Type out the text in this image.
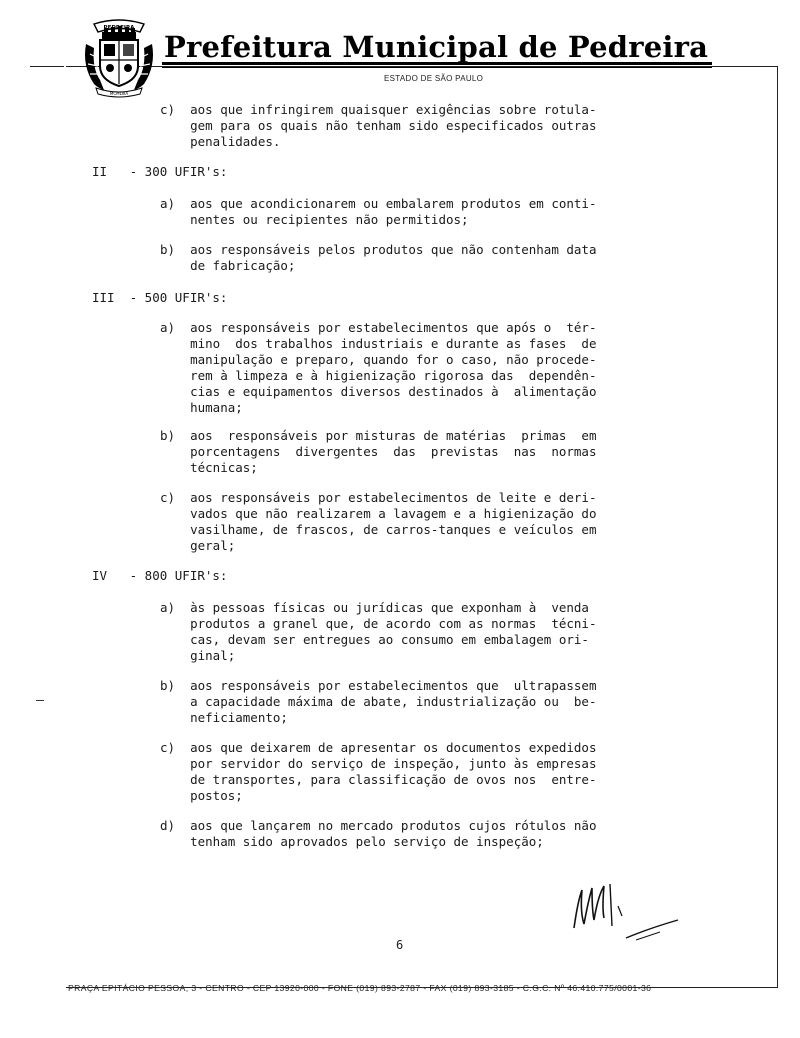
MCMLIIIA
Prefeitura Municipal de Pedreira
ESTADO DE SÃO PAULO
c)  aos que infringirem quaisquer exigências sobre rotula-
gem para os quais não tenham sido especificados outras
penalidades.
II   - 300 UFIR's:
a)  aos que acondicionarem ou embalarem produtos em conti-
nentes ou recipientes não permitidos;
b)  aos responsáveis pelos produtos que não contenham data
de fabricação;
III  - 500 UFIR's:
a)  aos responsáveis por estabelecimentos que após o  tér-
mino  dos trabalhos industriais e durante as fases  de
manipulação e preparo, quando for o caso, não procede-
rem à limpeza e à higienização rigorosa das  dependên-
cias e equipamentos diversos destinados à  alimentação
humana;
b)  aos  responsáveis por misturas de matérias  primas  em
porcentagens  divergentes  das  previstas  nas  normas
técnicas;
c)  aos responsáveis por estabelecimentos de leite e deri-
vados que não realizarem a lavagem e a higienização do
vasilhame, de frascos, de carros-tanques e veículos em
geral;
IV   - 800 UFIR's:
a)  às pessoas físicas ou jurídicas que exponham à  venda
produtos a granel que, de acordo com as normas  técni-
cas, devam ser entregues ao consumo em embalagem ori-
ginal;
b)  aos responsáveis por estabelecimentos que  ultrapassem
a capacidade máxima de abate, industrialização ou  be-
neficiamento;
c)  aos que deixarem de apresentar os documentos expedidos
por servidor do serviço de inspeção, junto às empresas
de transportes, para classificação de ovos nos  entre-
postos;
d)  aos que lançarem no mercado produtos cujos rótulos não
tenham sido aprovados pelo serviço de inspeção;
6
PRAÇA EPITÁCIO PESSOA, 3 - CENTRO - CEP 13920-000 - FONE (019) 893-2787 - FAX (019) 893-3185 - C.G.C. Nº 46.410.775/0001-36
